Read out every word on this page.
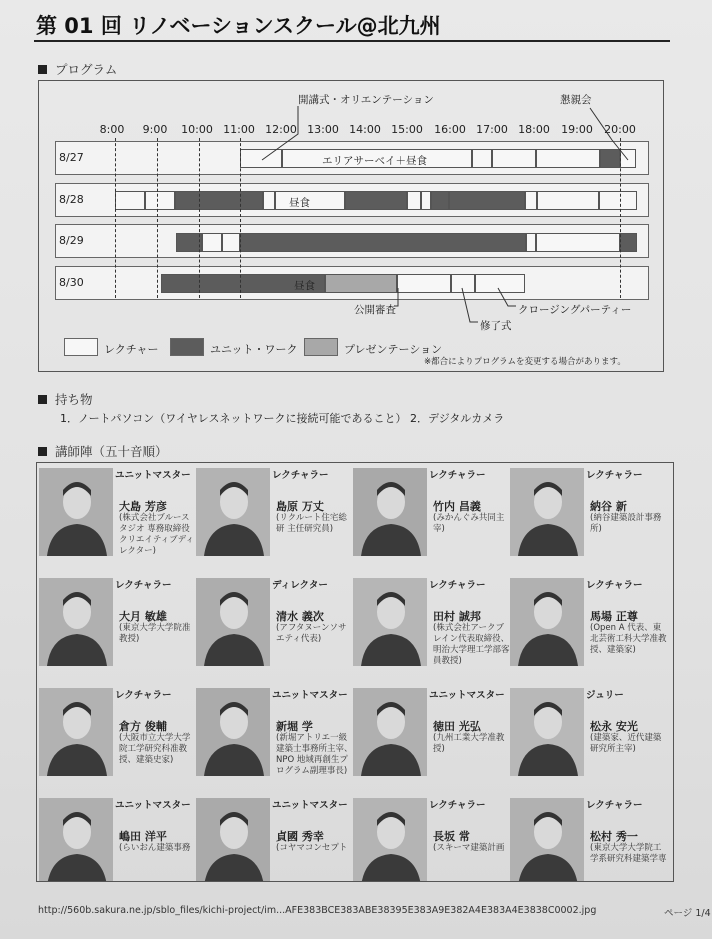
第 01 回 リノベーションスクール@北九州
プログラム
8:00 9:00 10:00 11:00 12:00 13:00 14:00 15:00 16:00 17:00 18:00 19:00 20:00
8/27
8/28
8/29
8/30
エリアサーベイ＋昼食
昼食
昼食
開講式・オリエンテーション	懇親会
公開審査
修了式
クロージングパーティー
レクチャー	ユニット・ワーク	プレゼンテーション
※都合によりプログラムを変更する場合があります。
持ち物
1．ノートパソコン（ワイヤレスネットワークに接続可能であること） 2．デジタルカメラ
講師陣（五十音順）
ユニットマスター
大島 芳彦
(株式会社ブルースタジオ 専務取締役クリエイティブディレクター)
レクチャラー
島原 万丈
(リクルート住宅総研 主任研究員)
レクチャラー
竹内 昌義
(みかんぐみ共同主宰)
レクチャラー
納谷 新
(納谷建築設計事務所)
レクチャラー
大月 敏雄
(東京大学大学院准教授)
ディレクター
清水 義次
(アフタヌーンソサエティ代表)
レクチャラー
田村 誠邦
(株式会社アークブレイン代表取締役、明治大学理工学部客員教授)
レクチャラー
馬場 正尊
(Open A 代表、東北芸術工科大学准教授、建築家)
レクチャラー
倉方 俊輔
(大阪市立大学大学院工学研究科准教授、建築史家)
ユニットマスター
新堀 学
(新堀アトリエ一級建築士事務所主宰、NPO 地域再創生プログラム副理事長)
ユニットマスター
徳田 光弘
(九州工業大学准教授)
ジュリー
松永 安光
(建築家、近代建築研究所主宰)
ユニットマスター
嶋田 洋平
(らいおん建築事務
ユニットマスター
貞國 秀幸
(コヤマコンセプト
レクチャラー
長坂 常
(スキーマ建築計画
レクチャラー
松村 秀一
(東京大学大学院工学系研究科建築学専
http://560b.sakura.ne.jp/sblo_files/kichi-project/im...AFE383BCE383ABE38395E383A9E382A4E383A4E3838C0002.jpg	ページ 1/4
